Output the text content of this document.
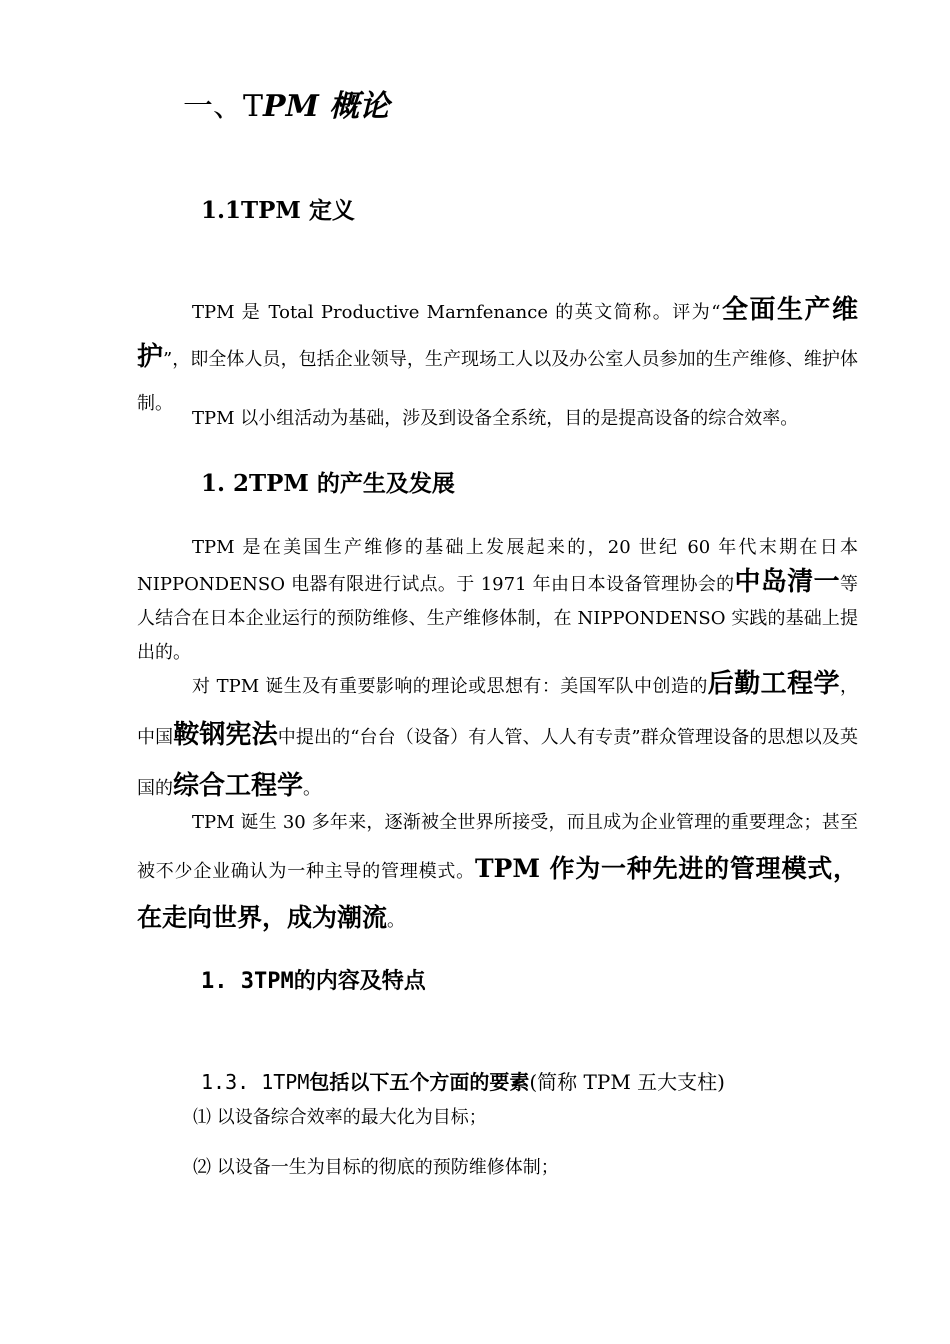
一、TPM 概论
1.1TPM 定义
TPM 是 Total Productive Marnfenance 的英文简称。评为“全面生产维护”，即全体人员，包括企业领导，生产现场工人以及办公室人员参加的生产维修、维护体制。
TPM 以小组活动为基础，涉及到设备全系统，目的是提高设备的综合效率。
1. 2TPM 的产生及发展
TPM 是在美国生产维修的基础上发展起来的，20 世纪 60 年代末期在日本 NIPPONDENSO 电器有限进行试点。于 1971 年由日本设备管理协会的中岛清一等人结合在日本企业运行的预防维修、生产维修体制，在 NIPPONDENSO 实践的基础上提出的。
对 TPM 诞生及有重要影响的理论或思想有：美国军队中创造的后勤工程学，中国鞍钢宪法中提出的“台台（设备）有人管、人人有专责”群众管理设备的思想以及英国的综合工程学。
TPM 诞生 30 多年来，逐渐被全世界所接受，而且成为企业管理的重要理念；甚至被不少企业确认为一种主导的管理模式。TPM 作为一种先进的管理模式，在走向世界，成为潮流。
1. 3TPM的内容及特点
1.3. 1TPM包括以下五个方面的要素(简称 TPM 五大支柱)
⑴ 以设备综合效率的最大化为目标；
⑵ 以设备一生为目标的彻底的预防维修体制；
